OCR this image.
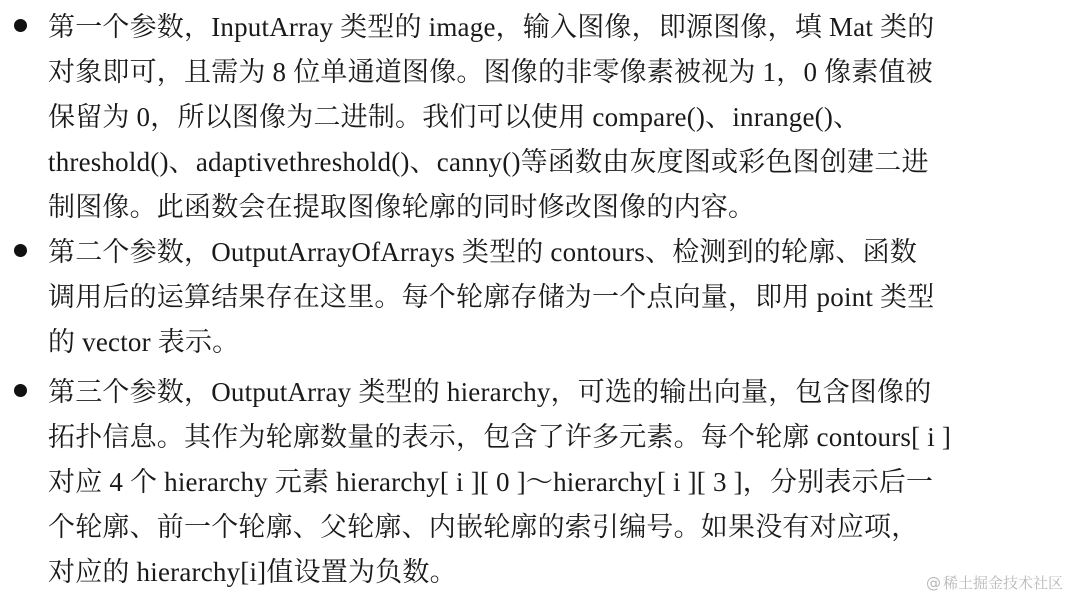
第一个参数，InputArray 类型的 image，输入图像，即源图像，填 Mat 类的
对象即可，且需为 8 位单通道图像。图像的非零像素被视为 1，0 像素值被
保留为 0，所以图像为二进制。我们可以使用 compare()、inrange()、
threshold()、adaptivethreshold()、canny()等函数由灰度图或彩色图创建二进
制图像。此函数会在提取图像轮廓的同时修改图像的内容。
第二个参数，OutputArrayOfArrays 类型的 contours、检测到的轮廓、函数
调用后的运算结果存在这里。每个轮廓存储为一个点向量，即用 point 类型
的 vector 表示。
第三个参数，OutputArray 类型的 hierarchy，可选的输出向量，包含图像的
拓扑信息。其作为轮廓数量的表示，包含了许多元素。每个轮廓 contours[ i ]
对应 4 个 hierarchy 元素 hierarchy[ i ][ 0 ]～hierarchy[ i ][ 3 ]，分别表示后一
个轮廓、前一个轮廓、父轮廓、内嵌轮廓的索引编号。如果没有对应项，
对应的 hierarchy[i]值设置为负数。	@ 稀土掘金技术社区
